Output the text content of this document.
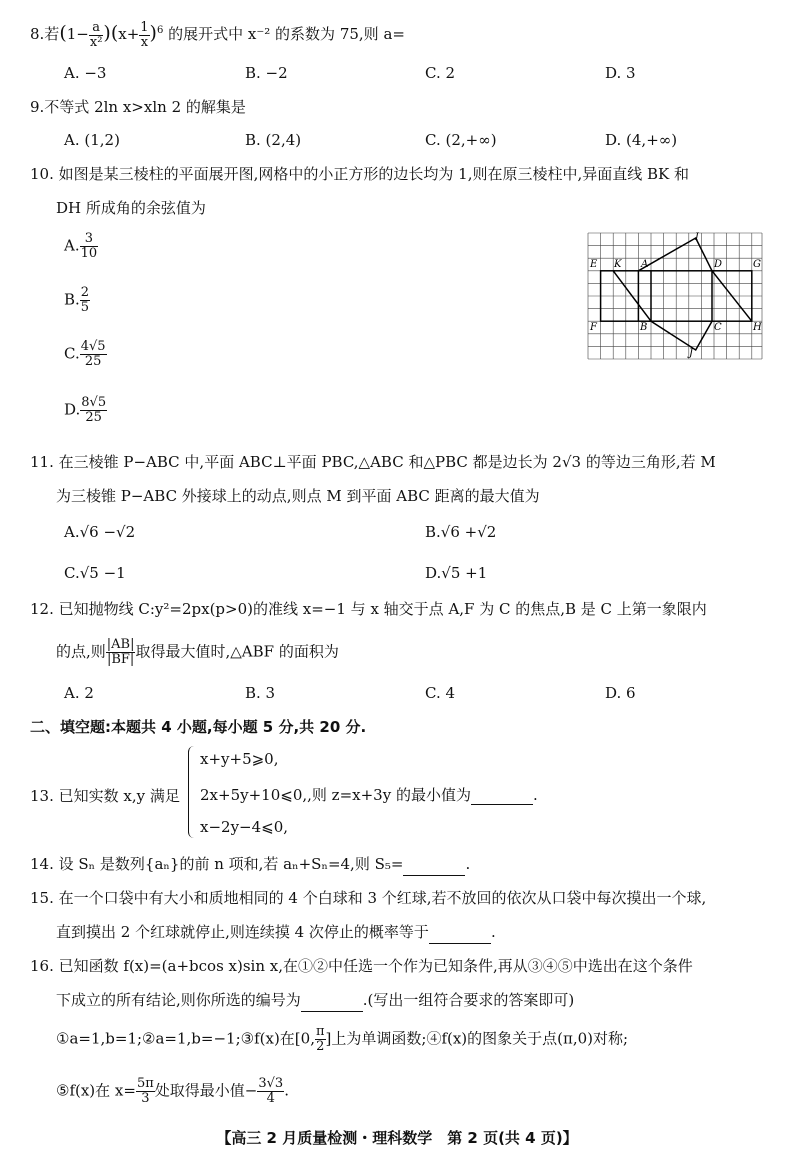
8.若$(1- \frac{a}{\text{x²}} )(x+ \frac{1}{x} )^6$ 的展开式中 x⁻² 的系数为 75,则 a=
A. −3	B. −2	C. 2	D. 3
9.不等式 2ln x>xln 2 的解集是
A. (1,2)	B. (2,4)	C. (2,+∞)	D. (4,+∞)
10. 如图是某三棱柱的平面展开图,网格中的小正方形的边长均为 1,则在原三棱柱中,异面直线 BK 和
DH 所成角的余弦值为
A. $\frac{3}{10}$
B. $\frac{2}{5}$
C. $\frac{4√5}{25}$
D. $\frac{8√5}{25}$
E K A
I
D	G
F	B	C	H
J
11. 在三棱锥 P−ABC 中,平面 ABC⊥平面 PBC,△ABC 和△PBC 都是边长为 2√3 的等边三角形,若 M
为三棱锥 P−ABC 外接球上的动点,则点 M 到平面 ABC 距离的最大值为
A.√6 −√2	B.√6 +√2
C.√5 −1	D.√5 +1
12. 已知抛物线 C:y²=2px(p>0)的准线 x=−1 与 x 轴交于点 A,F 为 C 的焦点,B 是 C 上第一象限内
的点,则 $\frac{|AB|}{|BF|}$ 取得最大值时,△ABF 的面积为
A. 2	B. 3	C. 4	D. 6
二、填空题:本题共 4 小题,每小题 5 分,共 20 分.
13. 已知实数 x,y 满足
x+y+5⩾0,
2x+5y+10⩽0,,则 z=x+3y 的最小值为	.
x−2y−4⩽0,
14. 设 Sₙ 是数列{aₙ}的前 n 项和,若 aₙ+Sₙ=4,则 S₅=	.
15. 在一个口袋中有大小和质地相同的 4 个白球和 3 个红球,若不放回的依次从口袋中每次摸出一个球,
直到摸出 2 个红球就停止,则连续摸 4 次停止的概率等于	.
16. 已知函数 f(x)=(a+bcos x)sin x,在①②中任选一个作为已知条件,再从③④⑤中选出在这个条件
下成立的所有结论,则你所选的编号为	.(写出一组符合要求的答案即可)
①a=1,b=1;②a=1,b=−1;③f(x)在[0, $\frac{\pi}{2}$ ]上为单调函数;④f(x)的图象关于点(π,0)对称;
⑤f(x)在 $x= \frac{5\pi}{3}$ 处取得最小值− $\frac{3√3}{4}$ .
【高三 2 月质量检测・理科数学　第 2 页(共 4 页)】
